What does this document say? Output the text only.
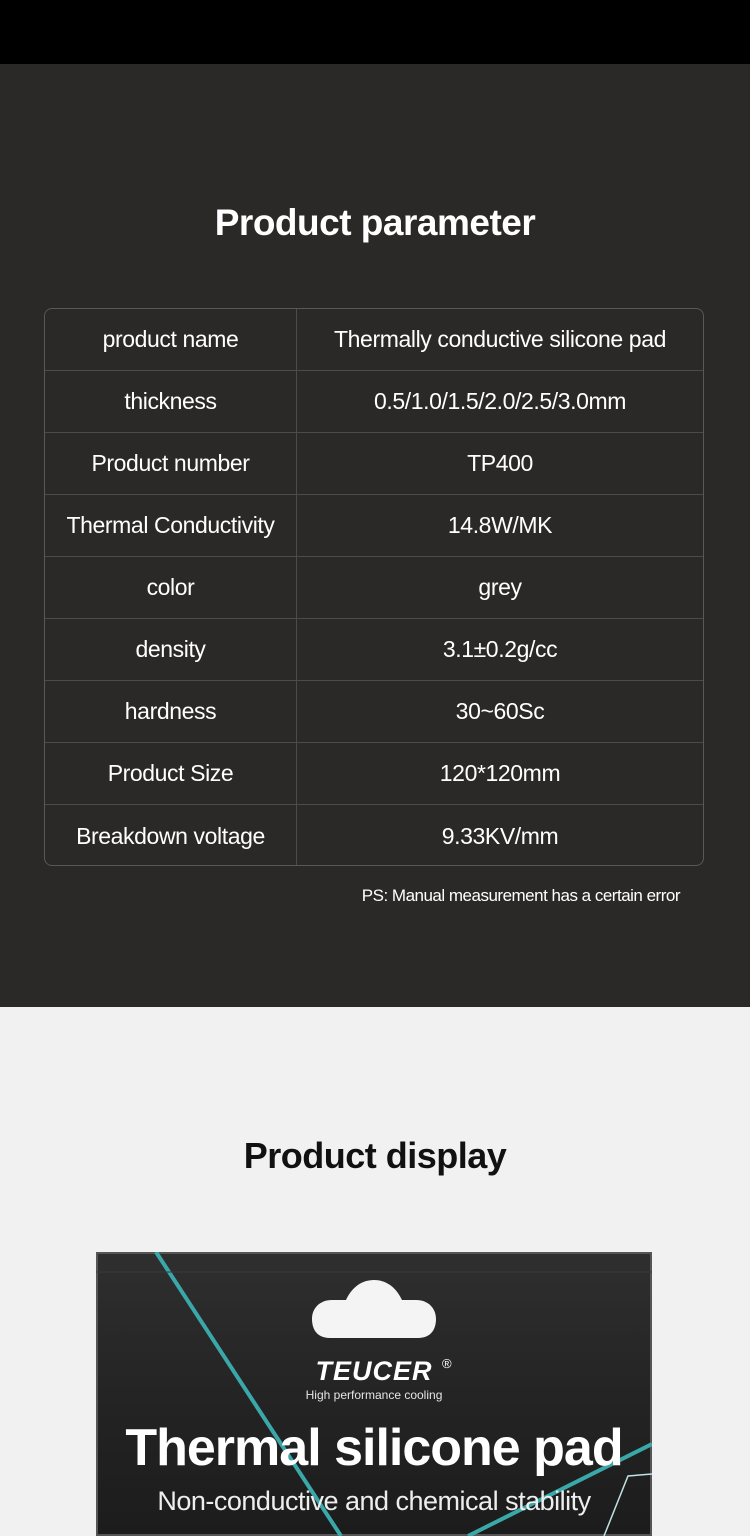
Product parameter
product name	Thermally conductive silicone pad
thickness	0.5/1.0/1.5/2.0/2.5/3.0mm
Product number	TP400
Thermal Conductivity	14.8W/MK
color	grey
density	3.1±0.2g/cc
hardness	30~60Sc
Product Size	120*120mm
Breakdown voltage	9.33KV/mm
PS: Manual measurement has a certain error
Product display
TEUCER ®
High performance cooling
Thermal silicone pad
Non-conductive and chemical stability
